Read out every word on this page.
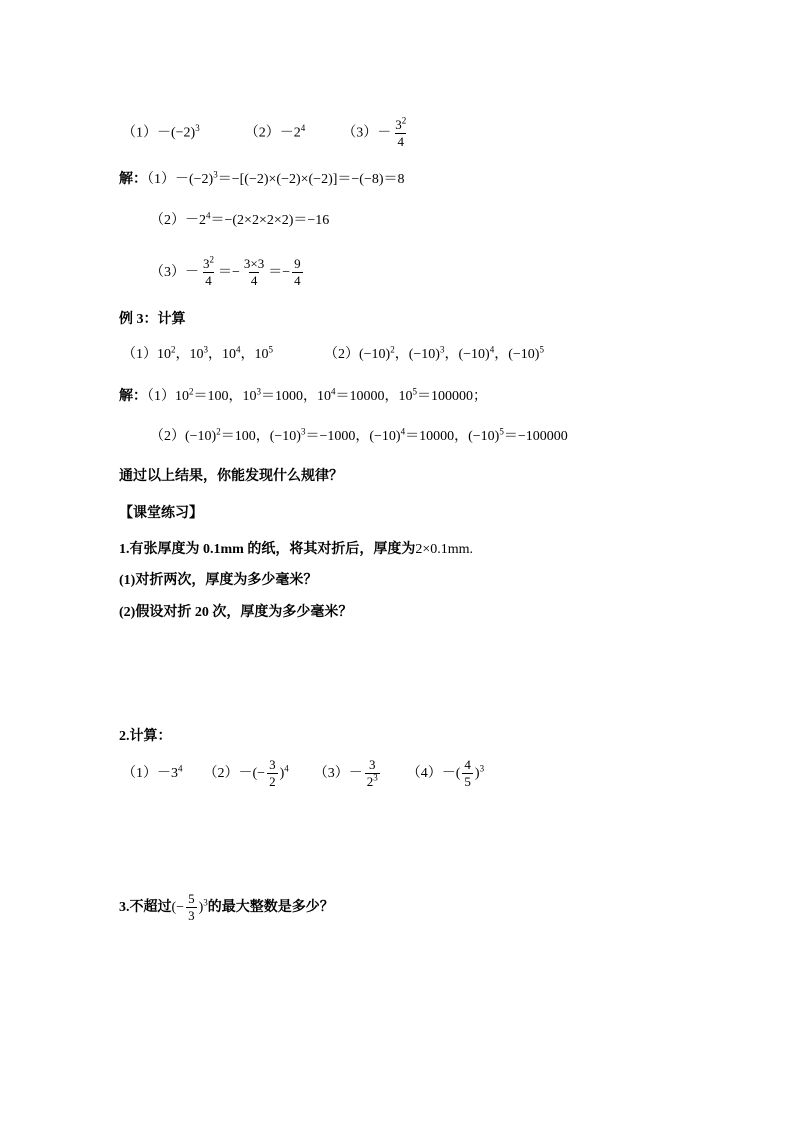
$(1)-(-2)^3$	$(2)-2^4$	$(3)- \frac{3^2}{4}$
解：$(1)-(-2)^3=-[(-2)\times(-2)\times(-2)]=-(-8)=8$
$(2)-2^4=-(2\times 2\times 2\times 2)=-16$
$(3)- \frac{3^2}{4} =- \frac{3\times 3}{4} =- \frac{9}{4}$
例 3：计算
$(1)10^2$，$10^3$，$10^4$，$10^5$	$(2)(-10)^2$，$(-10)^3$，$(-10)^4$，$(-10)^5$
解：$(1)10^2=100$，$10^3=1000$，$10^4=10000$，$10^5=100000$；
$(2)(-10)^2=100$，$(-10)^3=-1000$，$(-10)^4=10000$，$(-10)^5=-100000$
通过以上结果，你能发现什么规律？
【课堂练习】
1.有张厚度为 0.1mm 的纸，将其对折后，厚度为2×0.1mm.
(1)对折两次，厚度为多少毫米？
(2)假设对折 20 次，厚度为多少毫米？
2.计算：
$(1)-3^4$ $(2)-(- \frac{3}{2} )^4$ $(3)- \frac{3}{2^3} (4)-( \frac{4}{5} )^3$
3.不超过(− $\frac{5}{3} )^3$的最大整数是多少？
